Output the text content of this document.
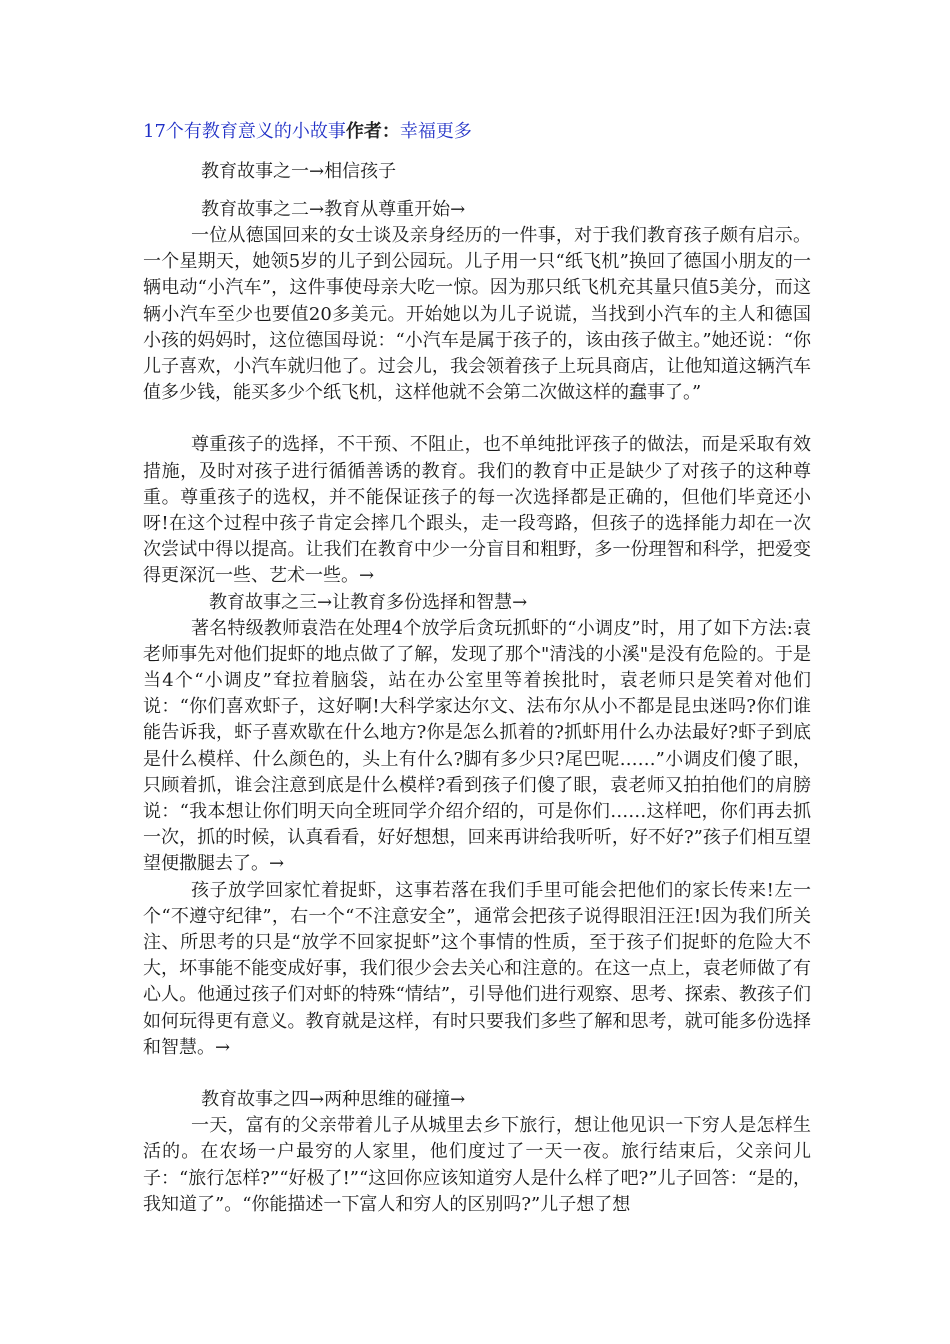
17个有教育意义的小故事作者：幸福更多
教育故事之一→相信孩子
教育故事之二→教育从尊重开始→

一位从德国回来的女士谈及亲身经历的一件事，对于我们教育孩子颇有启示。一个星期天，她领5岁的儿子到公园玩。儿子用一只“纸飞机”换回了德国小朋友的一辆电动“小汽车”，这件事使母亲大吃一惊。因为那只纸飞机充其量只值5美分，而这辆小汽车至少也要值20多美元。开始她以为儿子说谎，当找到小汽车的主人和德国小孩的妈妈时，这位德国母说：“小汽车是属于孩子的，该由孩子做主。”她还说：“你儿子喜欢，小汽车就归他了。过会儿，我会领着孩子上玩具商店，让他知道这辆汽车值多少钱，能买多少个纸飞机，这样他就不会第二次做这样的蠢事了。”

尊重孩子的选择，不干预、不阻止，也不单纯批评孩子的做法，而是采取有效措施，及时对孩子进行循循善诱的教育。我们的教育中正是缺少了对孩子的这种尊重。尊重孩子的选权，并不能保证孩子的每一次选择都是正确的，但他们毕竟还小呀!在这个过程中孩子肯定会摔几个跟头，走一段弯路，但孩子的选择能力却在一次次尝试中得以提高。让我们在教育中少一分盲目和粗野，多一份理智和科学，把爱变得更深沉一些、艺术一些。→

教育故事之三→让教育多份选择和智慧→

著名特级教师袁浩在处理4个放学后贪玩抓虾的“小调皮”时，用了如下方法:袁老师事先对他们捉虾的地点做了了解，发现了那个"清浅的小溪"是没有危险的。于是当4个“小调皮”耷拉着脑袋，站在办公室里等着挨批时，袁老师只是笑着对他们说：“你们喜欢虾子，这好啊!大科学家达尔文、法布尔从小不都是昆虫迷吗?你们谁能告诉我，虾子喜欢歇在什么地方?你是怎么抓着的?抓虾用什么办法最好?虾子到底是什么模样、什么颜色的，头上有什么?脚有多少只?尾巴呢……”小调皮们傻了眼，只顾着抓，谁会注意到底是什么模样?看到孩子们傻了眼，袁老师又拍拍他们的肩膀说：“我本想让你们明天向全班同学介绍介绍的，可是你们……这样吧，你们再去抓一次，抓的时候，认真看看，好好想想，回来再讲给我听听，好不好?”孩子们相互望望便撒腿去了。→

孩子放学回家忙着捉虾，这事若落在我们手里可能会把他们的家长传来!左一个“不遵守纪律”，右一个“不注意安全”，通常会把孩子说得眼泪汪汪!因为我们所关注、所思考的只是“放学不回家捉虾”这个事情的性质，至于孩子们捉虾的危险大不大，坏事能不能变成好事，我们很少会去关心和注意的。在这一点上，袁老师做了有心人。他通过孩子们对虾的特殊“情结”，引导他们进行观察、思考、探索、教孩子们如何玩得更有意义。教育就是这样，有时只要我们多些了解和思考，就可能多份选择和智慧。→

教育故事之四→两种思维的碰撞→

一天，富有的父亲带着儿子从城里去乡下旅行，想让他见识一下穷人是怎样生活的。在农场一户最穷的人家里，他们度过了一天一夜。旅行结束后，父亲问儿子：“旅行怎样?”“好极了!”“这回你应该知道穷人是什么样了吧?”儿子回答：“是的，我知道了”。“你能描述一下富人和穷人的区别吗?”儿子想了想
